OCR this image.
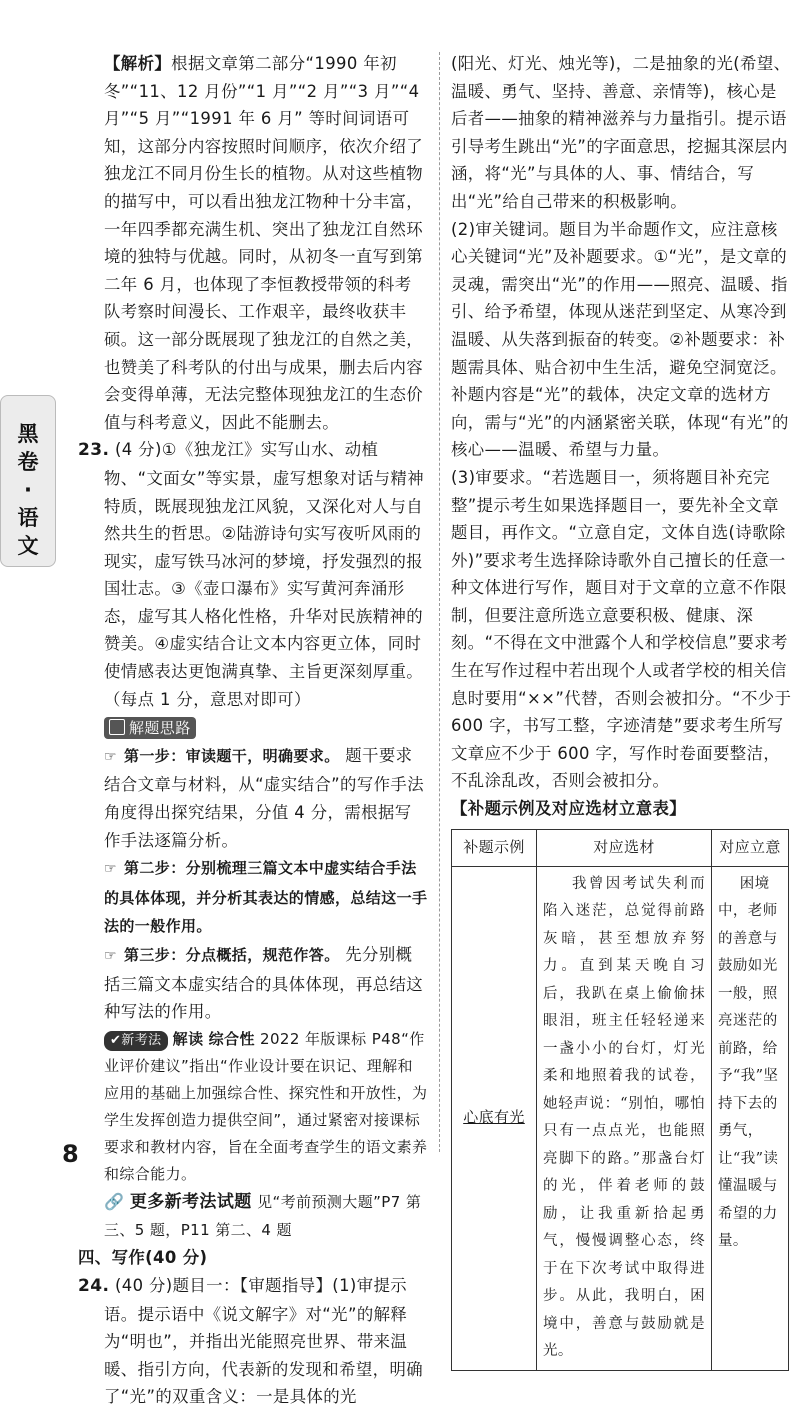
黑卷·语文

【解析】根据文章第二部分“1990 年初冬”“11、12 月份”“1 月”“2 月”“3 月”“4 月”“5 月”“1991 年 6 月” 等时间词语可知，这部分内容按照时间顺序，依次介绍了独龙江不同月份生长的植物。从对这些植物的描写中，可以看出独龙江物种十分丰富，一年四季都充满生机、突出了独龙江自然环境的独特与优越。同时，从初冬一直写到第二年 6 月，也体现了李恒教授带领的科考队考察时间漫长、工作艰辛，最终收获丰硕。这一部分既展现了独龙江的自然之美，也赞美了科考队的付出与成果，删去后内容会变得单薄，无法完整体现独龙江的生态价值与科考意义，因此不能删去。

23. (4 分)①《独龙江》实写山水、动植物、“文面女”等实景，虚写想象对话与精神特质，既展现独龙江风貌，又深化对人与自然共生的哲思。②陆游诗句实写夜听风雨的现实，虚写铁马冰河的梦境，抒发强烈的报国壮志。③《壶口瀑布》实写黄河奔涌形态，虚写其人格化性格，升华对民族精神的赞美。④虚实结合让文本内容更立体，同时使情感表达更饱满真挚、主旨更深刻厚重。（每点 1 分，意思对即可）

解题思路

☞ 第一步：审读题干，明确要求。 题干要求结合文章与材料，从“虚实结合”的写作手法角度得出探究结果，分值 4 分，需根据写作手法逐篇分析。

☞ 第二步：分别梳理三篇文本中虚实结合手法的具体体现，并分析其表达的情感，总结这一手法的一般作用。

☞ 第三步：分点概括，规范作答。 先分别概括三篇文本虚实结合的具体体现，再总结这种写法的作用。

✔新考法 解读 综合性 2022 年版课标 P48“作业评价建议”指出“作业设计要在识记、理解和应用的基础上加强综合性、探究性和开放性，为学生发挥创造力提供空间”，通过紧密对接课标要求和教材内容，旨在全面考查学生的语文素养和综合能力。

🔗 更多新考法试题 见“考前预测大题”P7 第三、5 题，P11 第二、4 题

四、写作(40 分)

24. (40 分)题目一：【审题指导】(1)审提示语。提示语中《说文解字》对“光”的解释为“明也”，并指出光能照亮世界、带来温暖、指引方向，代表新的发现和希望，明确了“光”的双重含义：一是具体的光

(阳光、灯光、烛光等)，二是抽象的光(希望、温暖、勇气、坚持、善意、亲情等)，核心是后者——抽象的精神滋养与力量指引。提示语引导考生跳出“光”的字面意思，挖掘其深层内涵，将“光”与具体的人、事、情结合，写出“光”给自己带来的积极影响。

(2)审关键词。题目为半命题作文，应注意核心关键词“光”及补题要求。①“光”，是文章的灵魂，需突出“光”的作用——照亮、温暖、指引、给予希望，体现从迷茫到坚定、从寒冷到温暖、从失落到振奋的转变。②补题要求：补题需具体、贴合初中生生活，避免空洞宽泛。补题内容是“光”的载体，决定文章的选材方向，需与“光”的内涵紧密关联，体现“有光”的核心——温暖、希望与力量。

(3)审要求。“若选题目一，须将题目补充完整”提示考生如果选择题目一，要先补全文章题目，再作文。“立意自定，文体自选(诗歌除外)”要求考生选择除诗歌外自己擅长的任意一种文体进行写作，题目对于文章的立意不作限制，但要注意所选立意要积极、健康、深刻。“不得在文中泄露个人和学校信息”要求考生在写作过程中若出现个人或者学校的相关信息时要用“××”代替，否则会被扣分。“不少于 600 字，书写工整，字迹清楚”要求考生所写文章应不少于 600 字，写作时卷面要整洁，不乱涂乱改，否则会被扣分。

【补题示例及对应选材立意表】

补题示例	对应选材	对应立意
心底有光	我曾因考试失利而陷入迷茫，总觉得前路灰暗，甚至想放弃努力。直到某天晚自习后，我趴在桌上偷偷抹眼泪，班主任轻轻递来一盏小小的台灯，灯光柔和地照着我的试卷，她轻声说：“别怕，哪怕只有一点点光，也能照亮脚下的路。”那盏台灯的光，伴着老师的鼓励，让我重新拾起勇气，慢慢调整心态，终于在下次考试中取得进步。从此，我明白，困境中，善意与鼓励就是光。	困境中，老师的善意与鼓励如光一般，照亮迷茫的前路，给予“我”坚持下去的勇气，让“我”读懂温暖与希望的力量。
8
